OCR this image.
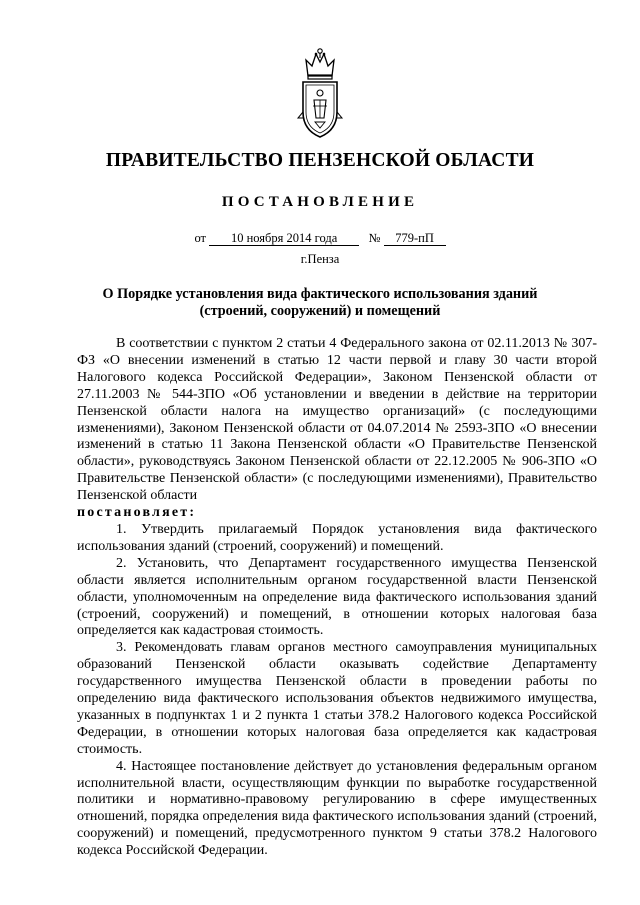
ПРАВИТЕЛЬСТВО ПЕНЗЕНСКОЙ ОБЛАСТИ
ПОСТАНОВЛЕНИЕ
от 10 ноября 2014 года № 779-пП
г.Пенза
О Порядке установления вида фактического использования зданий
(строений, сооружений) и помещений

В соответствии с пунктом 2 статьи 4 Федерального закона от 02.11.2013 № 307-ФЗ «О внесении изменений в статью 12 части первой и главу 30 части второй Налогового кодекса Российской Федерации», Законом Пензенской области от 27.11.2003 № 544-ЗПО «Об установлении и введении в действие на территории Пензенской области налога на имущество организаций» (с последующими изменениями), Законом Пензенской области от 04.07.2014 № 2593-ЗПО «О внесении изменений в статью 11 Закона Пензенской области «О Правительстве Пензенской области», руководствуясь Законом Пензенской области от 22.12.2005 № 906-ЗПО «О Правительстве Пензенской области» (с последующими изменениями), Правительство Пензенской области

постановляет:

1. Утвердить прилагаемый Порядок установления вида фактического использования зданий (строений, сооружений) и помещений.

2. Установить, что Департамент государственного имущества Пензенской области является исполнительным органом государственной власти Пензенской области, уполномоченным на определение вида фактического использования зданий (строений, сооружений) и помещений, в отношении которых налоговая база определяется как кадастровая стоимость.

3. Рекомендовать главам органов местного самоуправления муниципальных образований Пензенской области оказывать содействие Департаменту государственного имущества Пензенской области в проведении работы по определению вида фактического использования объектов недвижимого имущества, указанных в подпунктах 1 и 2 пункта 1 статьи 378.2 Налогового кодекса Российской Федерации, в отношении которых налоговая база определяется как кадастровая стоимость.

4. Настоящее постановление действует до установления федеральным органом исполнительной власти, осуществляющим функции по выработке государственной политики и нормативно-правовому регулированию в сфере имущественных отношений, порядка определения вида фактического использования зданий (строений, сооружений) и помещений, предусмотренного пунктом 9 статьи 378.2 Налогового кодекса Российской Федерации.
